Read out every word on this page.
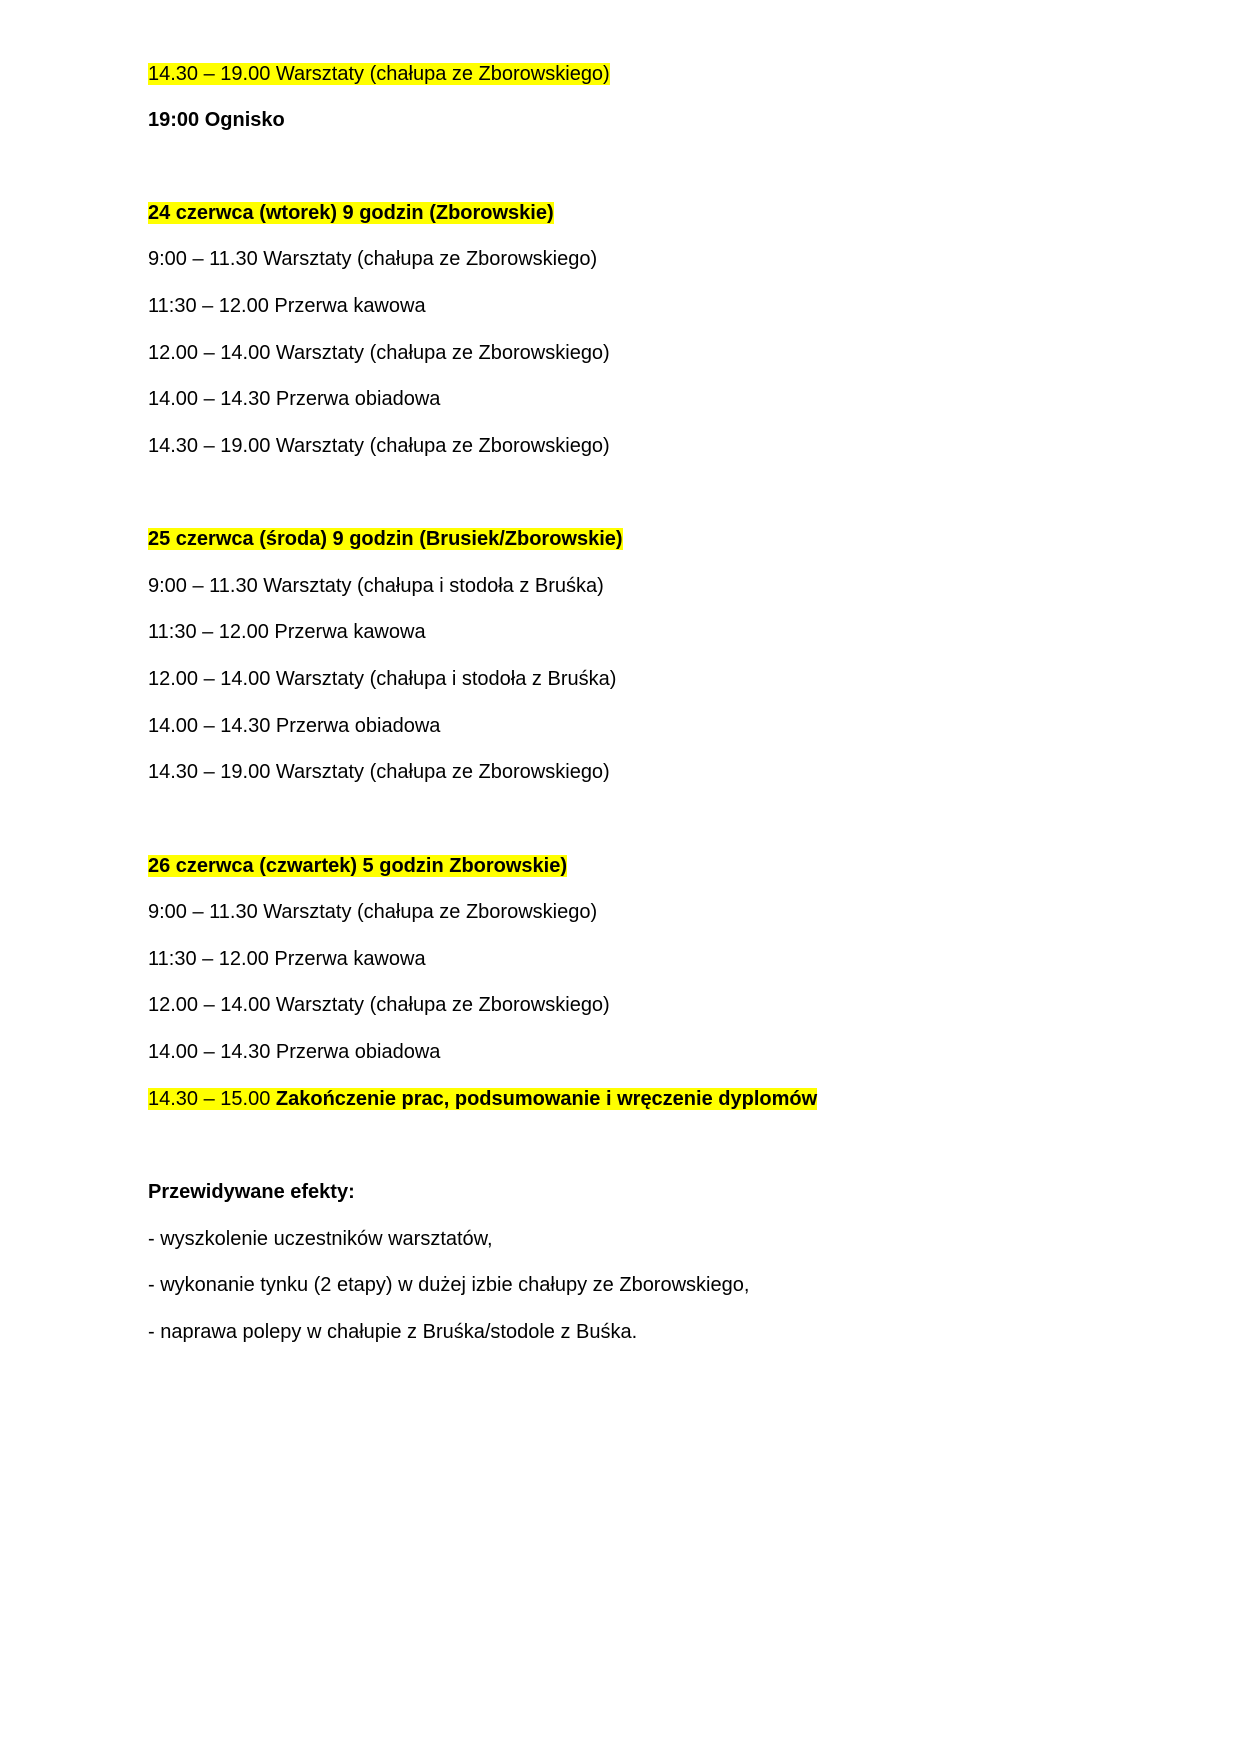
14.30 – 19.00 Warsztaty (chałupa ze Zborowskiego)

19:00 Ognisko

24 czerwca (wtorek) 9 godzin (Zborowskie)

9:00 – 11.30 Warsztaty (chałupa ze Zborowskiego)

11:30 – 12.00 Przerwa kawowa

12.00 – 14.00 Warsztaty (chałupa ze Zborowskiego)

14.00 – 14.30 Przerwa obiadowa

14.30 – 19.00 Warsztaty (chałupa ze Zborowskiego)

25 czerwca (środa) 9 godzin (Brusiek/Zborowskie)

9:00 – 11.30 Warsztaty (chałupa i stodoła z Bruśka)

11:30 – 12.00 Przerwa kawowa

12.00 – 14.00 Warsztaty (chałupa i stodoła z Bruśka)

14.00 – 14.30 Przerwa obiadowa

14.30 – 19.00 Warsztaty (chałupa ze Zborowskiego)

26 czerwca (czwartek) 5 godzin Zborowskie)

9:00 – 11.30 Warsztaty (chałupa ze Zborowskiego)

11:30 – 12.00 Przerwa kawowa

12.00 – 14.00 Warsztaty (chałupa ze Zborowskiego)

14.00 – 14.30 Przerwa obiadowa

14.30 – 15.00 Zakończenie prac, podsumowanie i wręczenie dyplomów

Przewidywane efekty:

- wyszkolenie uczestników warsztatów,

- wykonanie tynku (2 etapy) w dużej izbie chałupy ze Zborowskiego,

- naprawa polepy w chałupie z Bruśka/stodole z Buśka.
